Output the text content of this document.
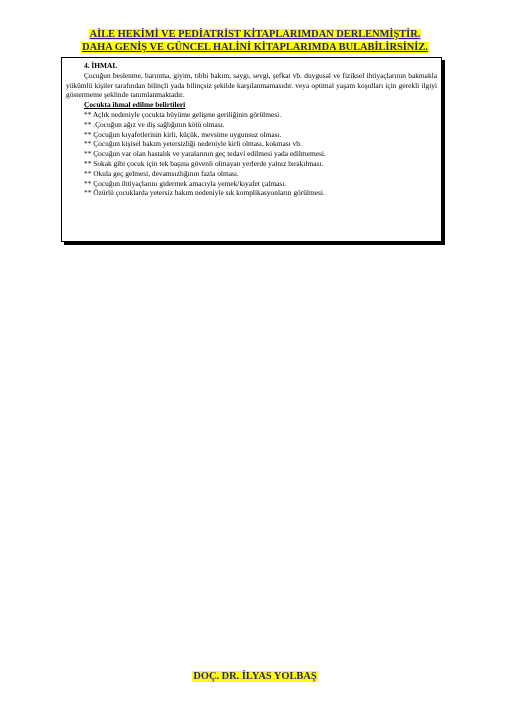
AİLE HEKİMİ VE PEDİATRİST KİTAPLARIMDAN DERLENMİŞTİR.
DAHA GENİŞ VE GÜNCEL HALİNİ KİTAPLARIMDA BULABİLİRSİNİZ.
4. İHMAL
Çocuğun beslenme, barınma, giyim, tıbbi bakım, saygı, sevgi, şefkat vb. duygusal ve fiziksel ihtiyaçlarının bakmakla yükümlü kişiler tarafından bilinçli yada bilinçsiz şekilde karşılanmamasıdır. veya optimal yaşam koşulları için gerekli ilgiyi göstermeme şeklinde tanımlanmaktadır.
Çocukta ihmal edilme belirtileri
** Açlık nedeniyle çocukta büyüme gelişme geriliğinin görülmesi.
** .Çocuğun ağız ve diş sağlığının kötü olması.
** Çocuğun kıyafetlerinin kirli, küçük, mevsime uygunsuz olması.
** Çocuğun kişisel bakım yetersizliği nedeniyle kirli olması, kokması vb.
** Çocuğun var olan hastalık ve yaralarının geç tedavi edilmesi yada edilmemesi.
** Sokak gibi çocuk için tek başına güvenli olmayan yerlerde yalnız bırakılması.
** Okula geç gelmesi, devamsızlığının fazla olması.
** Çocuğun ihtiyaçlarını gidermek amacıyla yemek/kıyafet çalması.
** Özürlü çocuklarda yetersiz bakım nedeniyle sık komplikasyonların görülmesi.
DOÇ. DR. İLYAS YOLBAŞ
